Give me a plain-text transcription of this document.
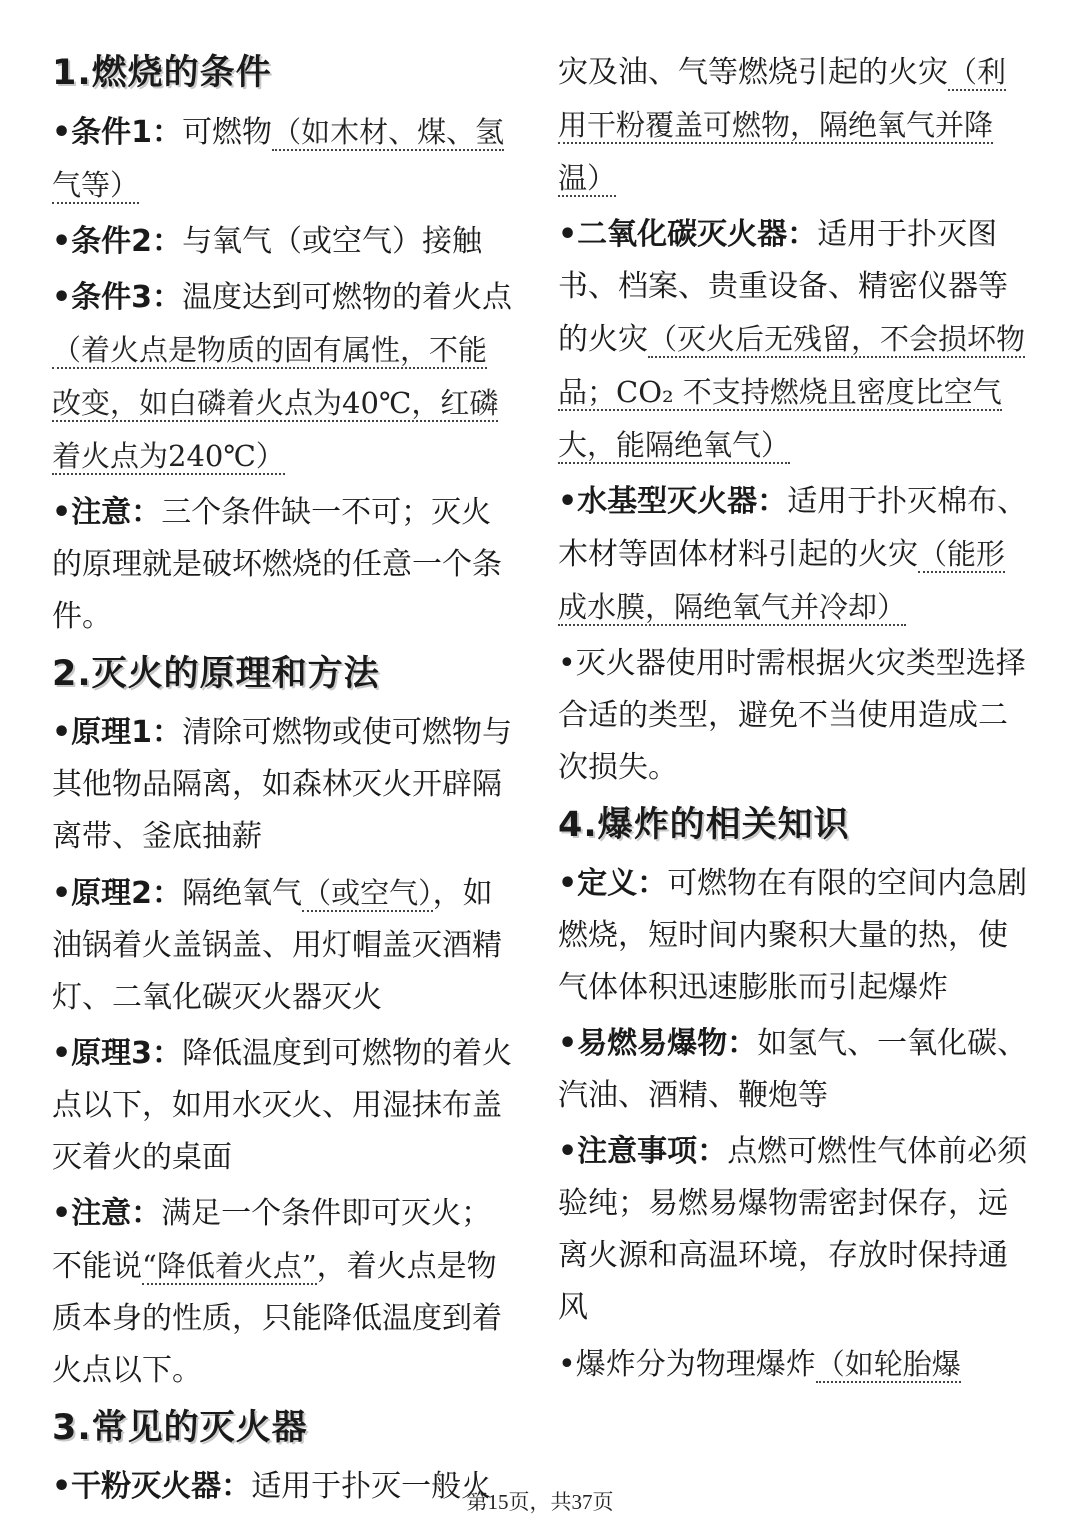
1.燃烧的条件
•条件1：可燃物（如木材、煤、氢气等）
•条件2：与氧气（或空气）接触
•条件3：温度达到可燃物的着火点（着火点是物质的固有属性，不能改变，如白磷着火点为40℃，红磷着火点为240℃）
•注意：三个条件缺一不可；灭火的原理就是破坏燃烧的任意一个条件。
2.灭火的原理和方法
•原理1：清除可燃物或使可燃物与其他物品隔离，如森林灭火开辟隔离带、釜底抽薪
•原理2：隔绝氧气（或空气），如油锅着火盖锅盖、用灯帽盖灭酒精灯、二氧化碳灭火器灭火
•原理3：降低温度到可燃物的着火点以下，如用水灭火、用湿抹布盖灭着火的桌面
•注意：满足一个条件即可灭火；不能说“降低着火点”，着火点是物质本身的性质，只能降低温度到着火点以下。
3.常见的灭火器
•干粉灭火器：适用于扑灭一般火
灾及油、气等燃烧引起的火灾（利用干粉覆盖可燃物，隔绝氧气并降温）
•二氧化碳灭火器：适用于扑灭图书、档案、贵重设备、精密仪器等的火灾（灭火后无残留，不会损坏物品；CO₂ 不支持燃烧且密度比空气大，能隔绝氧气）
•水基型灭火器：适用于扑灭棉布、木材等固体材料引起的火灾（能形成水膜，隔绝氧气并冷却）
•灭火器使用时需根据火灾类型选择合适的类型，避免不当使用造成二次损失。
4.爆炸的相关知识
•定义：可燃物在有限的空间内急剧燃烧，短时间内聚积大量的热，使气体体积迅速膨胀而引起爆炸
•易燃易爆物：如氢气、一氧化碳、汽油、酒精、鞭炮等
•注意事项：点燃可燃性气体前必须验纯；易燃易爆物需密封保存，远离火源和高温环境，存放时保持通风
•爆炸分为物理爆炸（如轮胎爆
第15页，共37页
